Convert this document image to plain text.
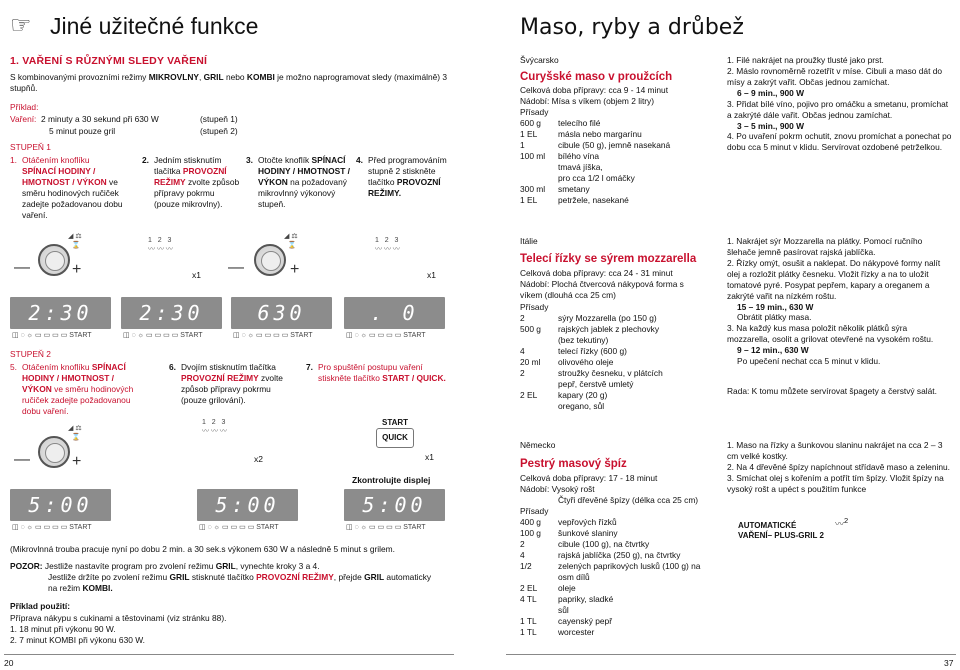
☞ Jiné užitečné funkce
1. VAŘENÍ S RŮZNÝMI SLEDY VAŘENÍ
S kombinovanými provozními režimy MIKROVLNY, GRIL nebo KOMBI je možno naprogramovat sledy (maximálně) 3 stupňů.
Příklad:
Vaření:  2 minuty a 30 sekund při 630 W	(stupeň 1)
5 minut pouze gril	(stupeň 2)
STUPEŇ 1
1. Otáčením knoflíku
SPÍNACÍ HODINY / HMOTNOST / VÝKON ve směru hodinových ručiček zadejte požadovanou dobu vaření.
2. Jedním stisknutím tlačítka PROVOZNÍ REŽIMY zvolte způsob přípravy pokrmu (pouze mikrovlny).
3. Otočte knoflík SPÍNACÍ HODINY / HMOTNOST / VÝKON na požadovaný mikrovlnný výkonový stupeň.
4. Před programováním stupně 2 stiskněte tlačítko PROVOZNÍ REŽIMY.
—	+
◢ ⚖
⌛
1   2   3
〰 〰 〰
x1 —	+
◢ ⚖
⌛
1   2   3
〰 〰 〰
x1
2:30	2:30	630	. 0
◫ ◌ ☼ ▭ ▭ ▭ ▭ START	◫ ◌ ☼ ▭ ▭ ▭ ▭ START	◫ ◌ ☼ ▭ ▭ ▭ ▭ START	◫ ◌ ☼ ▭ ▭ ▭ ▭ START
STUPEŇ 2
5. Otáčením knoflíku SPÍNACÍ HODINY / HMOTNOST / VÝKON ve směru hodinových ručiček zadejte požadovanou dobu vaření.
6. Dvojím stisknutím tlačítka PROVOZNÍ REŽIMY zvolte způsob přípravy pokrmu (pouze grilování).
7. Pro spuštění postupu vaření stiskněte tlačítko START / QUICK.
—	+
◢ ⚖
⌛
1   2   3
〰 〰 〰
x2
START
QUICK
x1
Zkontrolujte displej
5:00	5:00	5:00
◫ ◌ ☼ ▭ ▭ ▭ ▭ START	◫ ◌ ☼ ▭ ▭ ▭ ▭ START	◫ ◌ ☼ ▭ ▭ ▭ ▭ START
(Mikrovlnná trouba pracuje nyní po dobu 2 min. a 30 sek.s výkonem 630 W a následně 5 minut s grilem.
POZOR: Jestliže nastavíte program pro zvolení režimu GRIL, vynechte kroky 3 a 4.
Jestliže držíte po zvolení režimu GRIL stisknuté tlačítko PROVOZNÍ REŽIMY, přejde GRIL automaticky
na režim KOMBI.
Příklad použití:
Příprava nákypu s cukinami a těstovinami (viz stránku 88).
1. 18 minut při výkonu 90 W.
2. 7 minut KOMBI při výkonu 630 W.
20
Maso, ryby a drůbež
Švýcarsko
Curyšské maso v proužcích
Celková doba přípravy: cca 9 - 14 minut
Nádobí: Mísa s víkem (objem 2 litry)
Přísady
600 g telecího filé
1 EL másla nebo margarínu
1	cibule (50 g), jemně nasekaná
100 ml bílého vína
tmavá jíška,
pro cca 1/2 l omáčky
300 ml smetany
1 EL petržele, nasekané
1. Filé nakrájet na proužky tlusté jako prst.
2. Máslo rovnoměrně rozetřít v míse. Cibuli a maso dát do mísy a zakrýt vařit. Občas jednou zamíchat.
6 – 9 min., 900 W
3. Přidat bílé víno, pojivo pro omáčku a smetanu, promíchat a zakrýté dále vařit. Občas jednou zamíchat.
3 – 5 min., 900 W
4. Po uvaření pokrm ochutit, znovu promíchat a ponechat po dobu cca 5 minut v klidu. Servírovat ozdobené petrželkou.
Itálie
Telecí řízky se sýrem mozzarella
Celková doba přípravy: cca 24 - 31 minut
Nádobí: Plochá čtvercová nákypová forma s víkem (dlouhá cca 25 cm)
Přísady
2	sýry Mozzarella (po 150 g)
500 g rajských jablek z plechovky
(bez tekutiny)
4	telecí řízky (600 g)
20 ml olivového oleje
2	stroužky česneku, v plátcích
pepř, čerstvě umletý
2 EL kapary (20 g)
oregano, sůl
1. Nakrájet sýr Mozzarella na plátky. Pomocí ručního šlehače jemně pasírovat rajská jablíčka.
2. Řízky omýt, osušit a naklepat. Do nákypové formy nalít olej a rozložit plátky česneku. Vložit řízky a na to uložit tomatové pyré. Posypat pepřem, kapary a oreganem a zakrýté vařit na nízkém roštu.
15 – 19 min., 630 W
Obrátit plátky masa.
3. Na každý kus masa položit několik plátků sýra mozzarella, osolit a grilovat otevřené na vysokém roštu.
9 – 12 min., 630 W
Po upečení nechat cca 5 minut v klidu.
Rada: K tomu můžete servírovat špagety a čerstvý salát.
Německo
Pestrý masový špíz
Celková doba přípravy: 17 - 18 minut
Nádobí: Vysoký rošt
Čtyři dřevěné špízy (délka cca 25 cm)
Přísady
400 g vepřových řízků
100 g šunkové slaniny
2	cibule (100 g), na čtvrtky
4	rajská jablíčka (250 g), na čtvrtky
1/2	zelených paprikových lusků (100 g) na
osm dílů
2 EL oleje
4 TL	papriky, sladké
sůl
1 TL	cayenský pepř
1 TL	worcester
1. Maso na řízky a šunkovou slaninu nakrájet na cca 2 – 3 cm velké kostky.
2. Na 4 dřevěné špízy napíchnout střídavě maso a zeleninu.
3. Smíchat olej s kořením a potřít tím špízy. Vložit špízy na vysoký rošt a upéct s použitím funkce
AUTOMATICKÉ VAŘENÍ– PLUS-GRIL 2
〰$^2$
37
